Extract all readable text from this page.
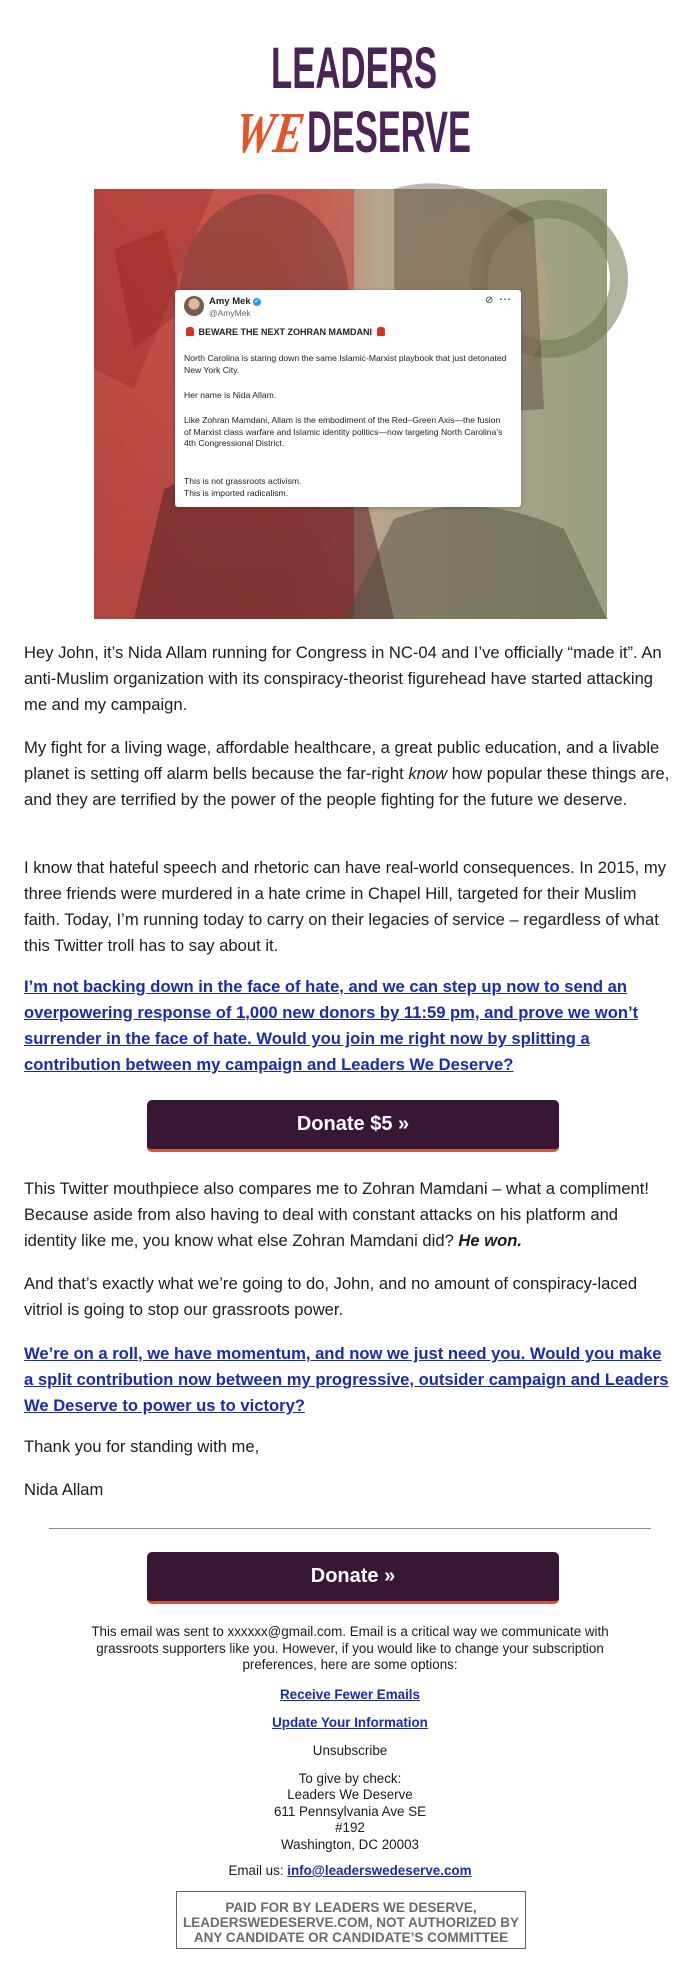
LEADERS
WE
DESERVE
Amy Mek ✓
@AmyMek
⊘ ⋯
BEWARE THE NEXT ZOHRAN MAMDANI

North Carolina is staring down the same Islamic-Marxist playbook that just detonated New York City.

Her name is Nida Allam.

Like Zohran Mamdani, Allam is the embodiment of the Red–Green Axis—the fusion of Marxist class warfare and Islamic identity politics—now targeting North Carolina’s 4th Congressional District.

This is not grassroots activism.

This is imported radicalism.

Hey John, it’s Nida Allam running for Congress in NC-04 and I’ve officially “made it”. An anti-Muslim organization with its conspiracy-theorist figurehead have started attacking me and my campaign.

My fight for a living wage, affordable healthcare, a great public education, and a livable planet is setting off alarm bells because the far-right know how popular these things are, and they are terrified by the power of the people fighting for the future we deserve.

I know that hateful speech and rhetoric can have real-world consequences. In 2015, my three friends were murdered in a hate crime in Chapel Hill, targeted for their Muslim faith. Today, I’m running today to carry on their legacies of service – regardless of what this Twitter troll has to say about it.

I’m not backing down in the face of hate, and we can step up now to send an overpowering response of 1,000 new donors by 11:59 pm, and prove we won’t surrender in the face of hate. Would you join me right now by splitting a contribution between my campaign and Leaders We Deserve?
Donate $5 »

This Twitter mouthpiece also compares me to Zohran Mamdani – what a compliment! Because aside from also having to deal with constant attacks on his platform and identity like me, you know what else Zohran Mamdani did? He won.

And that’s exactly what we’re going to do, John, and no amount of conspiracy-laced vitriol is going to stop our grassroots power.

We’re on a roll, we have momentum, and now we just need you. Would you make a split contribution now between my progressive, outsider campaign and Leaders We Deserve to power us to victory?

Thank you for standing with me,

Nida Allam

Donate »

This email was sent to xxxxxx@gmail.com. Email is a critical way we communicate with grassroots supporters like you. However, if you would like to change your subscription preferences, here are some options:

Receive Fewer Emails

Update Your Information

Unsubscribe

To give by check:

Leaders We Deserve

611 Pennsylvania Ave SE

#192

Washington, DC 20003

Email us: info@leaderswedeserve.com

PAID FOR BY LEADERS WE DESERVE,
LEADERSWEDESERVE.COM, NOT AUTHORIZED BY
ANY CANDIDATE OR CANDIDATE’S COMMITTEE
